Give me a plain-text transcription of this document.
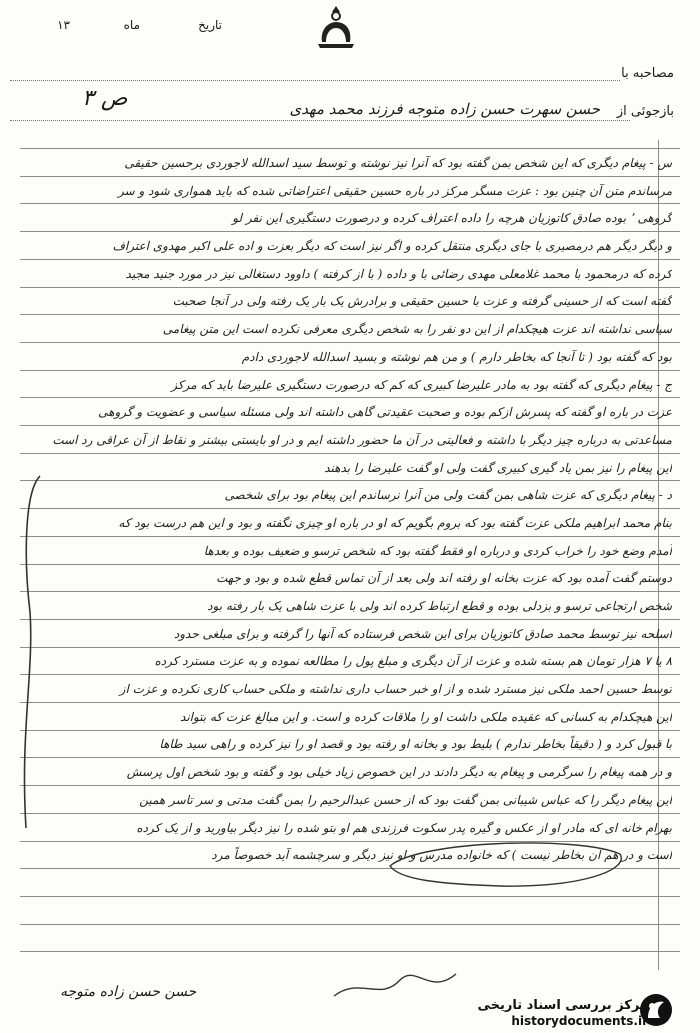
تاریخ
ماه
۱۳
مصاحبه با
ص ۳
بازجوئی از
حسن سهرت حسن زاده متوجه فرزند محمد مهدی
س - پیغام دیگری که این شخص بمن گفته بود که آنرا نیز نوشته و توسط سید اسدالله لاجوردی برحسین حقیقی
مرساندم متن آن چنین بود : عزت مسگر مرکز در باره حسین حقیقی اعتراضاتی شده که باید همواری شود و سر
گروهی ٬ بوده صادق کاتوزیان هرچه را داده اعتراف کرده و درصورت دستگیری این نفر لو
و دیگر دیگر هم درمصیری با جای دیگری منتقل کرده و اگر نیز است که دیگر بعزت و اده علی اکبر مهدوی اعتراف
کرده که درمحمود با محمد غلامعلی مهدی رضائی با و داده ( با از کرفته ) داوود دستغالی نیز در مورد جنید مجید
گفته است که از حسینی گرفته و عزت با حسین حقیقی و برادرش یک بار یک رفته ولی در آنجا صحبت
سیاسی نداشته اند عزت هیچکدام از این دو نفر را به شخص دیگری معرفی نکرده است این متن پیغامی
بود که گفته بود ( تا آنجا که بخاطر دارم ) و من هم نوشته و بسید اسدالله لاجوردی دادم
ج - پیغام دیگری که گفته بود به مادر علیرضا کبیری که کم که درصورت دستگیری علیرضا باید که مرکز
عزت در باره او گفته که پسرش ازکم بوده و صحبت عقیدتی گاهی داشته اند ولی مسئله سیاسی و عضویت و گروهی
مساعدتی به درباره چیز دیگر با داشته و فعالیتی در آن ما حضور داشته ایم و در او بایستی بیشتر و نقاط از آن عراقی رد است
این پیغام را نیز بمن یاد گیری کبیری گفت ولی او گفت علیرضا را بدهند
د - پیغام دیگری که عزت شاهی بمن گفت ولی من آنرا نرساندم این پیغام بود برای شخصی
بنام محمد ابراهیم ملکی عزت گفته بود که بروم بگویم که او در باره او چیزی نگفته و بود و این هم درست بود که
آمدم وضع خود را خراب کردی و درباره او فقط گفته بود که شخص ترسو و ضعیف بوده و بعدها
دوستم گفت آمده بود که عزت بخانه او رفته اند ولی بعد از آن تماس قطع شده و بود و جهت
شخص ارتجاعی ترسو و بزدلی بوده و قطع ارتباط کرده اند ولی با عزت شاهی یک بار رفته بود
اسلحه نیز توسط محمد صادق کاتوزیان برای این شخص فرستاده که آنها را گرفته و برای مبلغی حدود
۸ یا ۷ هزار تومان هم بسته شده و عزت از آن دیگری و مبلغ پول را مطالعه نموده و به عزت مسترد کرده
توسط حسین احمد ملکی نیز مسترد شده و از او خبر حساب داری نداشته و ملکی حساب کاری نکرده و عزت از
این هیچکدام به کسانی که عقیده ملکی داشت او را ملاقات کرده و است. و این مبالغ عزت که بتواند
با قبول کرد و ( دقیقاً بخاطر ندارم ) بلیط بود و بخانه او رفته بود و قصد او را نیز کرده و راهی سید طاها
و در همه پیغام را سرگرمی و پیغام به دیگر دادند در این خصوص زیاد خیلی بود و گفته و بود شخص اول پرسش
این پیغام دیگر را که عباس شیبانی بمن گفت بود که از حسن عبدالرحیم را بمن گفت مدتی و سر تاسر همین
بهرام خانه ای که مادر او از عکس و گیره پدر سکوت فرزندی هم او بتو شده را نیز دیگر بیاورید و از یک کرده
است و در هم آن بخاطر نیست ) که خانواده مدرس و او نیز دیگر و سرچشمه آید خصوصاً مرد
حسن حسن زاده متوجه
مرکز بررسی اسناد تاریخی
historydocuments.ir
